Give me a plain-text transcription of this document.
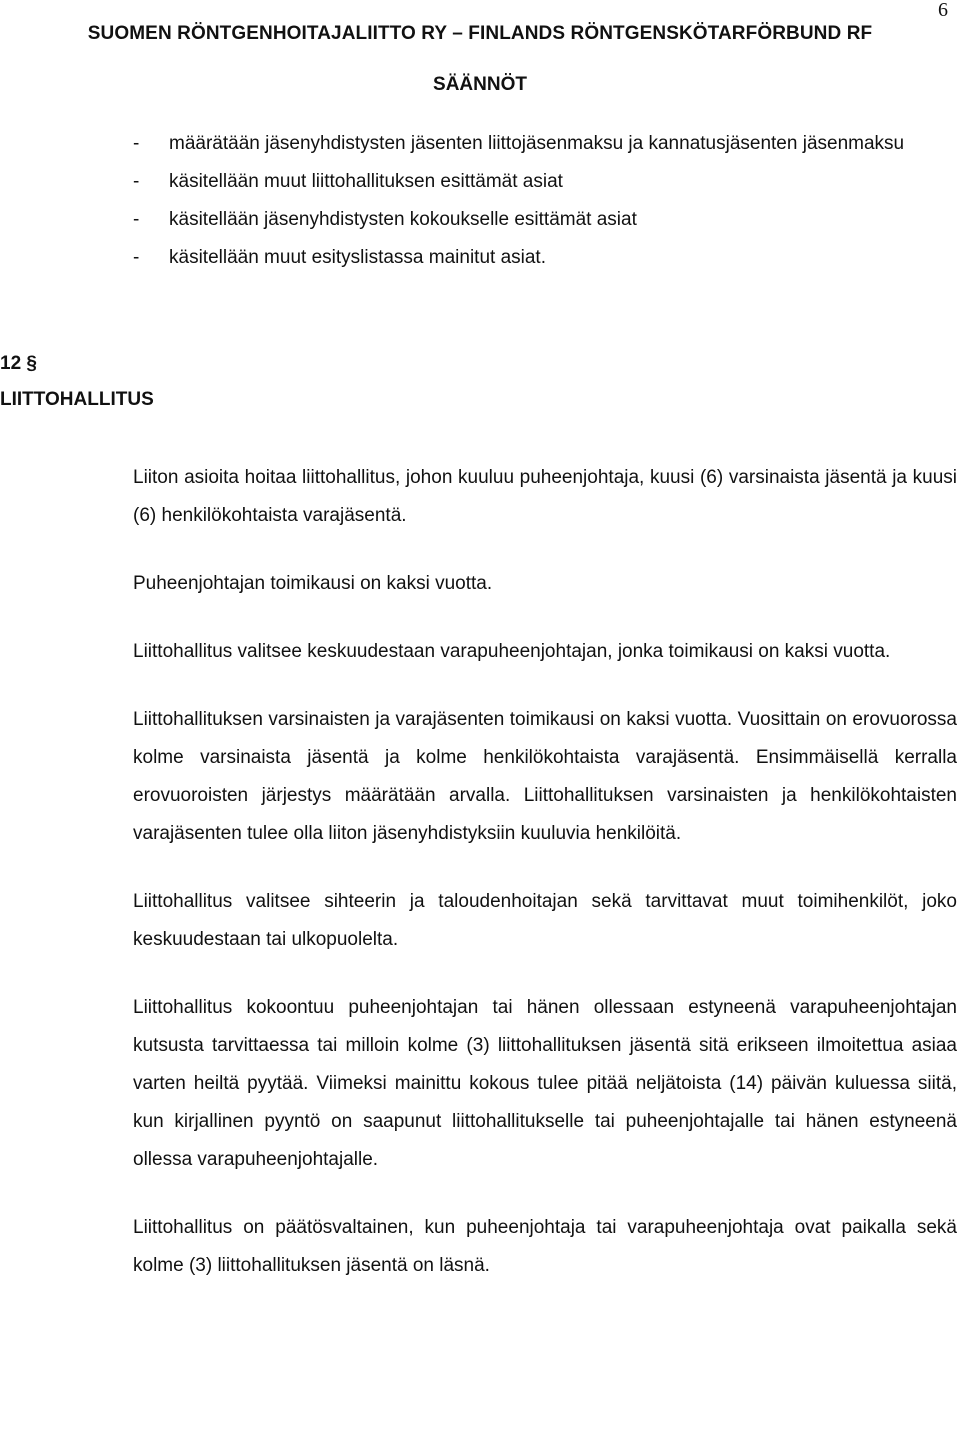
6
SUOMEN RÖNTGENHOITAJALIITTO RY – FINLANDS RÖNTGENSKÖTARFÖRBUND RF
SÄÄNNÖT
-	määrätään jäsenyhdistysten jäsenten liittojäsenmaksu ja kannatusjäsenten jäsenmaksu
-	käsitellään muut liittohallituksen esittämät asiat
-	käsitellään jäsenyhdistysten kokoukselle esittämät asiat
-	käsitellään muut esityslistassa mainitut asiat.
12 §
LIITTOHALLITUS

Liiton asioita hoitaa liittohallitus, johon kuuluu puheenjohtaja, kuusi (6) varsinaista jäsentä ja kuusi (6) henkilökohtaista varajäsentä.

Puheenjohtajan toimikausi on kaksi vuotta.

Liittohallitus valitsee keskuudestaan varapuheenjohtajan, jonka toimikausi on kaksi vuotta.

Liittohallituksen varsinaisten ja varajäsenten toimikausi on kaksi vuotta. Vuosittain on erovuorossa kolme varsinaista jäsentä ja kolme henkilökohtaista varajäsentä. Ensimmäisellä kerralla erovuoroisten järjestys määrätään arvalla. Liittohallituksen varsinaisten ja henkilökohtaisten varajäsenten tulee olla liiton jäsenyhdistyksiin kuuluvia henkilöitä.

Liittohallitus valitsee sihteerin ja taloudenhoitajan sekä tarvittavat muut toimihenkilöt, joko keskuudestaan tai ulkopuolelta.

Liittohallitus kokoontuu puheenjohtajan tai hänen ollessaan estyneenä varapuheenjohtajan kutsusta tarvittaessa tai milloin kolme (3) liittohallituksen jäsentä sitä erikseen ilmoitettua asiaa varten heiltä pyytää. Viimeksi mainittu kokous tulee pitää neljätoista (14) päivän kuluessa siitä, kun kirjallinen pyyntö on saapunut liittohallitukselle tai puheenjohtajalle tai hänen estyneenä ollessa varapuheenjohtajalle.

Liittohallitus on päätösvaltainen, kun puheenjohtaja tai varapuheenjohtaja ovat paikalla sekä kolme (3) liittohallituksen jäsentä on läsnä.
